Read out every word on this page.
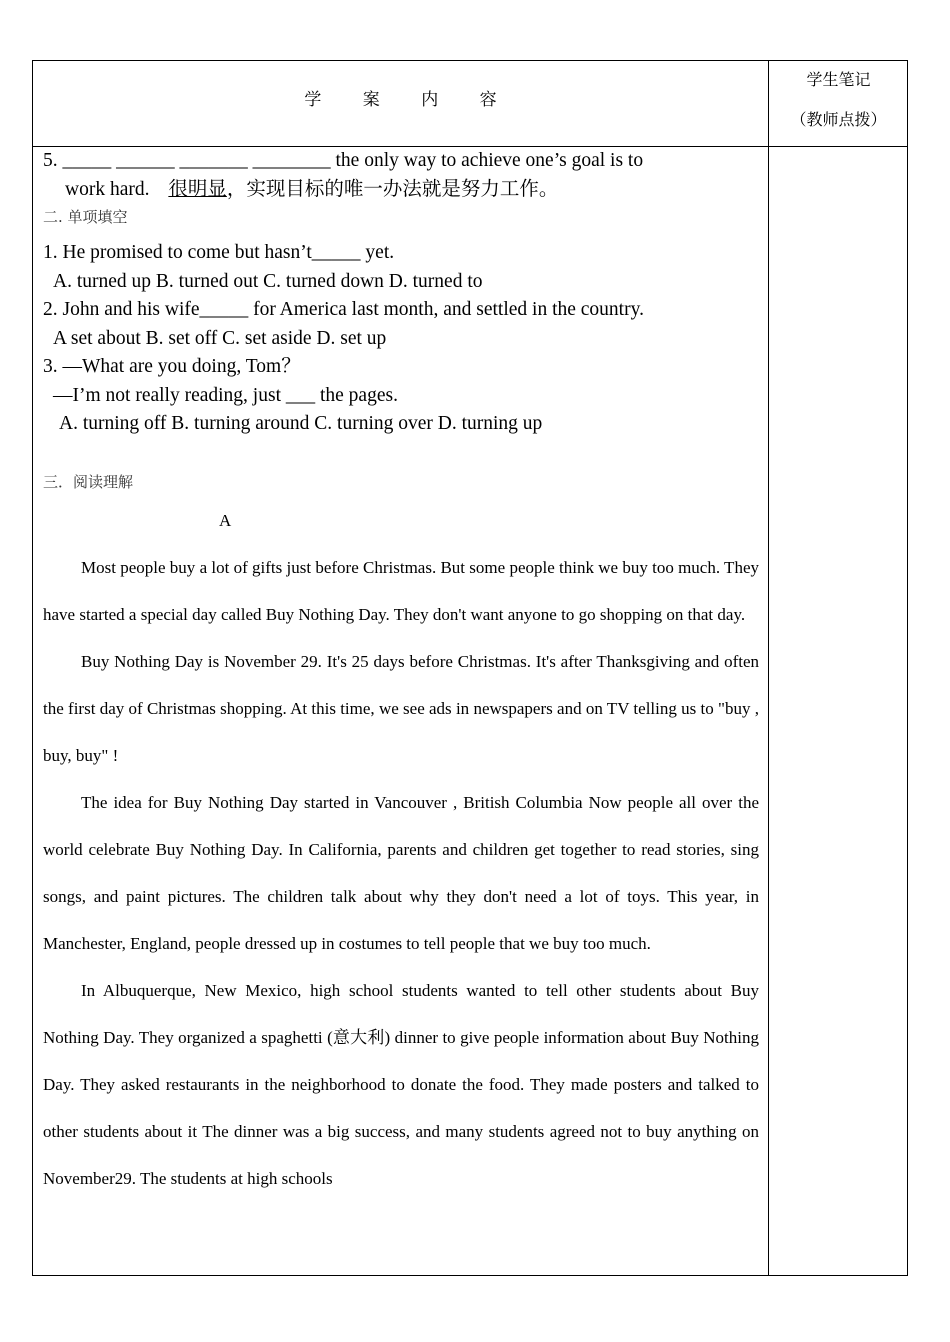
学 案 内 容
学生笔记
（教师点拨）
5. _____ ______ _______ ________ the only way to achieve one’s goal is to
work hard. 很明显，实现目标的唯一办法就是努力工作。
二. 单项填空
1. He promised to come but hasn’t_____ yet.
A. turned up B. turned out C. turned down D. turned to
2. John and his wife_____ for America last month, and settled in the country.
A set about B. set off C. set aside D. set up
3. —What are you doing, Tom？
—I’m not really reading, just ___ the pages.
A. turning off B. turning around C. turning over D. turning up
三．阅读理解
A

Most people buy a lot of gifts just before Christmas. But some people think we buy too much. They have started a special day called Buy Nothing Day. They don't want anyone to go shopping on that day.

Buy Nothing Day is November 29. It's 25 days before Christmas. It's after Thanksgiving and often the first day of Christmas shopping. At this time, we see ads in newspapers and on TV telling us to "buy , buy, buy" !

The idea for Buy Nothing Day started in Vancouver , British Columbia Now people all over the world celebrate Buy Nothing Day. In California, parents and children get together to read stories, sing songs, and paint pictures. The children talk about why they don't need a lot of toys. This year, in Manchester, England, people dressed up in costumes to tell people that we buy too much.

In Albuquerque, New Mexico, high school students wanted to tell other students about Buy Nothing Day. They organized a spaghetti (意大利) dinner to give people information about Buy Nothing Day. They asked restaurants in the neighborhood to donate the food. They made posters and talked to other students about it The dinner was a big success, and many students agreed not to buy anything on November29. The students at high schools
